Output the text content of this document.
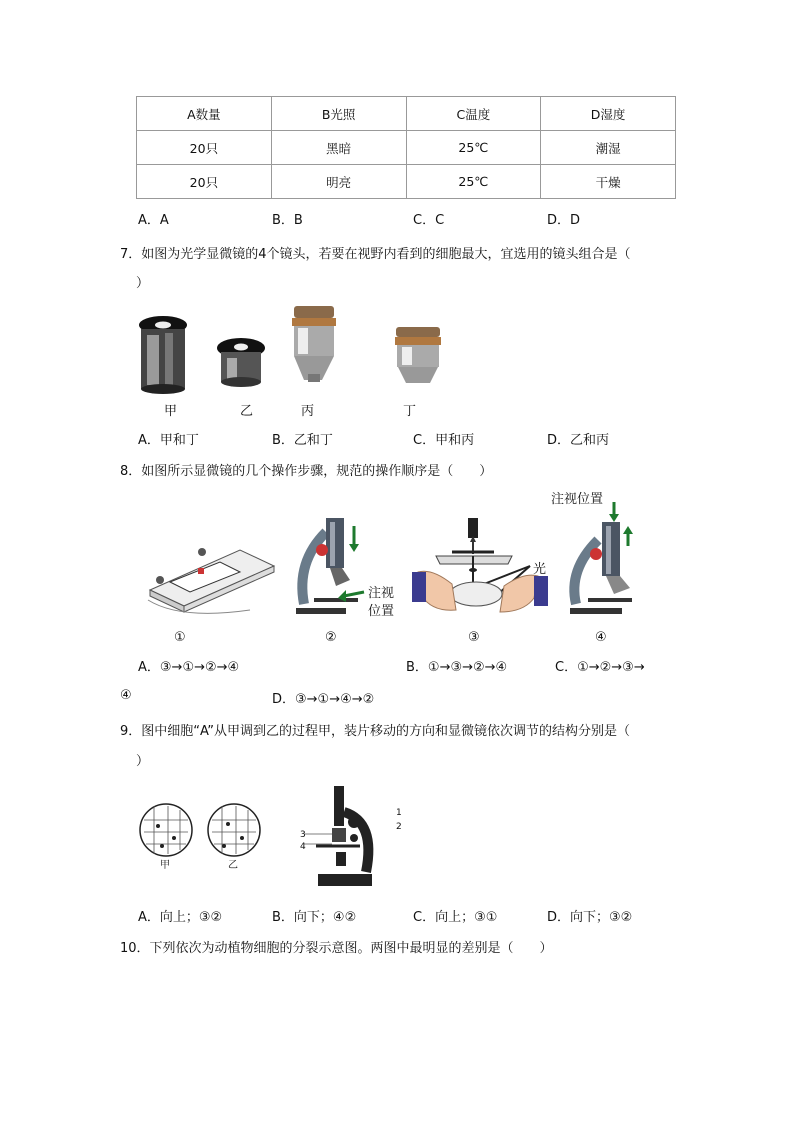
A数量	B光照	C温度	D湿度
20只	黑暗	25℃	潮湿
20只	明亮	25℃	干燥
A．A	B．B	C．C	D．D
7．如图为光学显微镜的4个镜头，若要在视野内看到的细胞最大，宜选用的镜头组合是（
）
甲	乙	丙	丁
A．甲和丁	B．乙和丁	C．甲和丙	D．乙和丙
8．如图所示显微镜的几个操作步骤，规范的操作顺序是（　　）
注视位置
注视
位置
光
①	②	③	④
A．③→①→②→④	B．①→③→②→④	C．①→②→③→
④	D．③→①→④→②
9．图中细胞“A”从甲调到乙的过程甲，装片移动的方向和显微镜依次调节的结构分别是（
）
甲	乙
1
2
3
4
A．向上；③②	B．向下；④②	C．向上；③①	D．向下；③②
10．下列依次为动植物细胞的分裂示意图。两图中最明显的差别是（　　）
